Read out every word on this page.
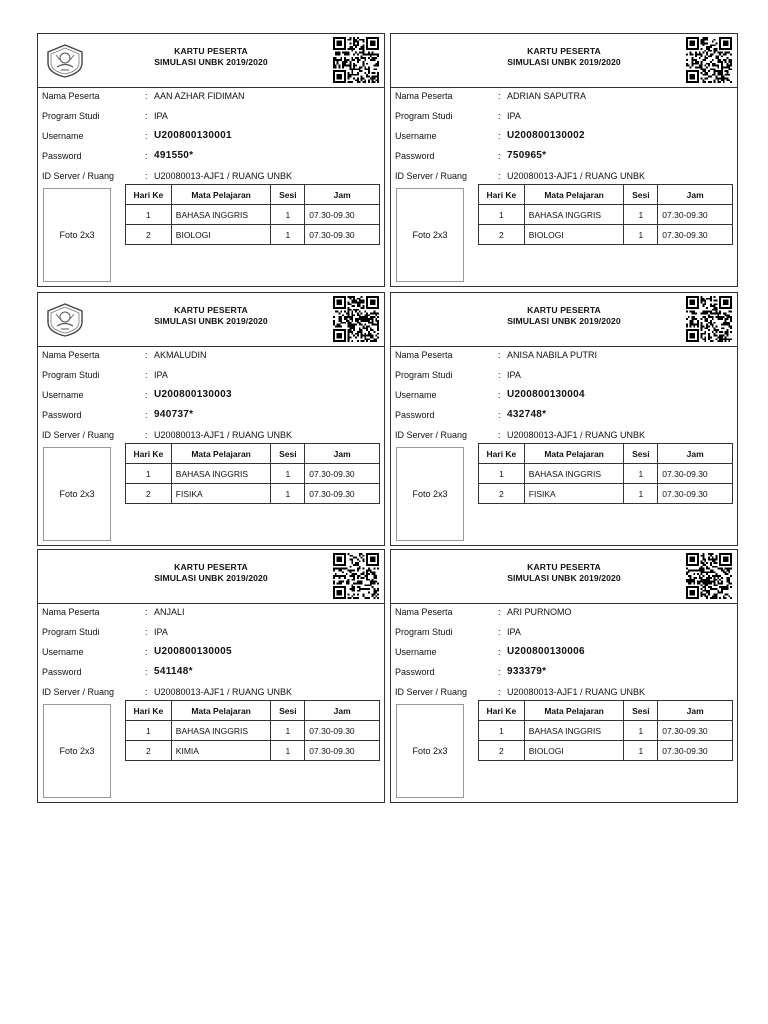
KARTU PESERTA
SIMULASI UNBK 2019/2020
Nama Peserta	: AAN AZHAR FIDIMAN
Program Studi	: IPA
Username	: U200800130001
Password	: 491550*
ID Server / Ruang	: U20080013-AJF1 / RUANG UNBK
Foto 2x3
Hari Ke	Mata Pelajaran	Sesi	Jam
1	BAHASA INGGRIS	1	07.30-09.30
2	BIOLOGI	1	07.30-09.30
KARTU PESERTA
SIMULASI UNBK 2019/2020
Nama Peserta	: ADRIAN SAPUTRA
Program Studi	: IPA
Username	: U200800130002
Password	: 750965*
ID Server / Ruang	: U20080013-AJF1 / RUANG UNBK
Foto 2x3
Hari Ke	Mata Pelajaran	Sesi	Jam
1	BAHASA INGGRIS	1	07.30-09.30
2	BIOLOGI	1	07.30-09.30
KARTU PESERTA
SIMULASI UNBK 2019/2020
Nama Peserta	: AKMALUDIN
Program Studi	: IPA
Username	: U200800130003
Password	: 940737*
ID Server / Ruang	: U20080013-AJF1 / RUANG UNBK
Foto 2x3
Hari Ke	Mata Pelajaran	Sesi	Jam
1	BAHASA INGGRIS	1	07.30-09.30
2	FISIKA	1	07.30-09.30
KARTU PESERTA
SIMULASI UNBK 2019/2020
Nama Peserta	: ANISA NABILA PUTRI
Program Studi	: IPA
Username	: U200800130004
Password	: 432748*
ID Server / Ruang	: U20080013-AJF1 / RUANG UNBK
Foto 2x3
Hari Ke	Mata Pelajaran	Sesi	Jam
1	BAHASA INGGRIS	1	07.30-09.30
2	FISIKA	1	07.30-09.30
KARTU PESERTA
SIMULASI UNBK 2019/2020
Nama Peserta	: ANJALI
Program Studi	: IPA
Username	: U200800130005
Password	: 541148*
ID Server / Ruang	: U20080013-AJF1 / RUANG UNBK
Foto 2x3
Hari Ke	Mata Pelajaran	Sesi	Jam
1	BAHASA INGGRIS	1	07.30-09.30
2	KIMIA	1	07.30-09.30
KARTU PESERTA
SIMULASI UNBK 2019/2020
Nama Peserta	: ARI PURNOMO
Program Studi	: IPA
Username	: U200800130006
Password	: 933379*
ID Server / Ruang	: U20080013-AJF1 / RUANG UNBK
Foto 2x3
Hari Ke	Mata Pelajaran	Sesi	Jam
1	BAHASA INGGRIS	1	07.30-09.30
2	BIOLOGI	1	07.30-09.30
